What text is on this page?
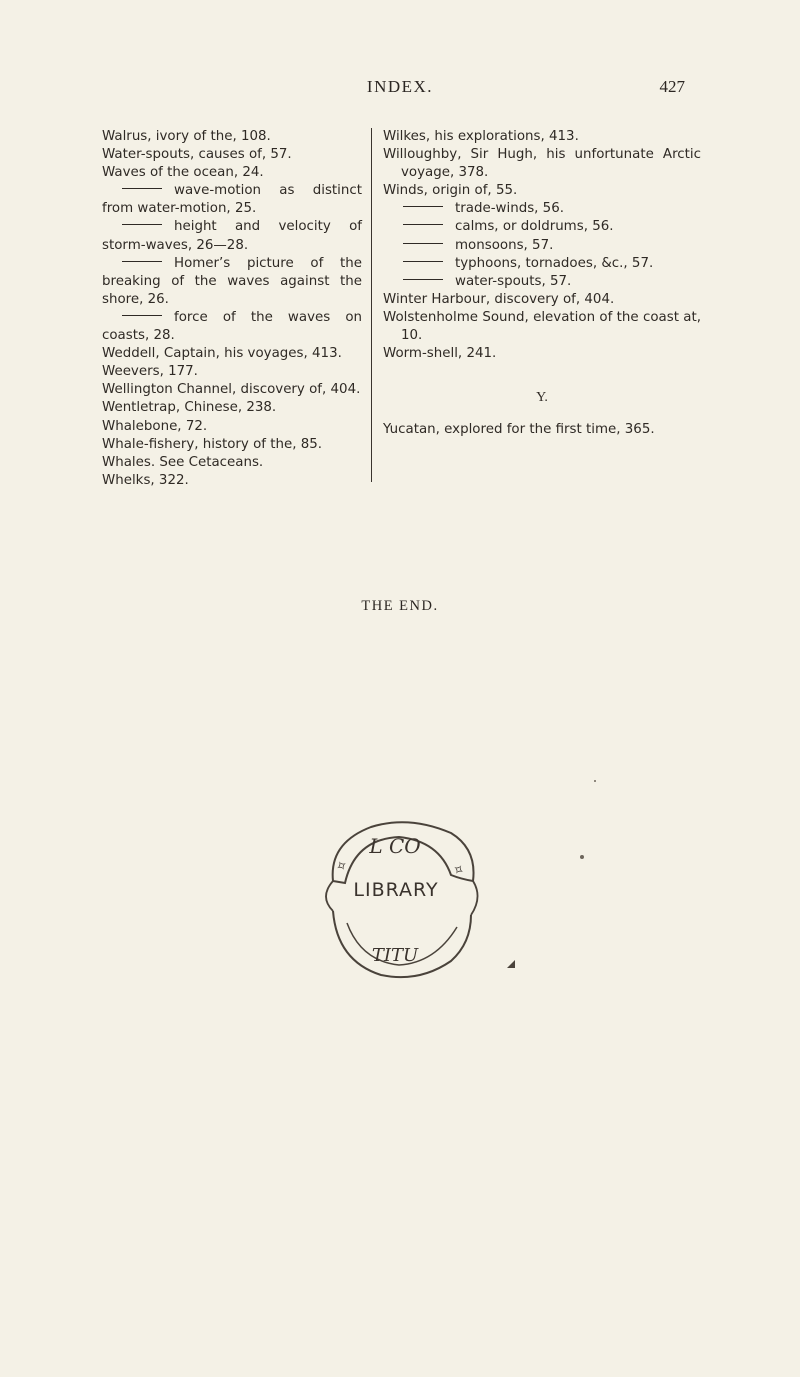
INDEX.	427

Walrus, ivory of the, 108.

Water-spouts, causes of, 57.

Waves of the ocean, 24.

wave-motion as distinct from water-motion, 25.

height and velocity of storm-waves, 26—28.

Homer’s picture of the breaking of the waves against the shore, 26.

force of the waves on coasts, 28.

Weddell, Captain, his voyages, 413.

Weevers, 177.

Wellington Channel, discovery of, 404.

Wentletrap, Chinese, 238.

Whalebone, 72.

Whale-fishery, history of the, 85.

Whales. See Cetaceans.

Whelks, 322.

Wilkes, his explorations, 413.

Willoughby, Sir Hugh, his unfortunate Arctic voyage, 378.

Winds, origin of, 55.

trade-winds, 56.

calms, or doldrums, 56.

monsoons, 57.

typhoons, tornadoes, &c., 57.

water-spouts, 57.

Winter Harbour, discovery of, 404.

Wolstenholme Sound, elevation of the coast at, 10.

Worm-shell, 241.

Y.

Yucatan, explored for the first time, 365.

THE END.
L CO
TITU
✧	✧
LIBRARY
